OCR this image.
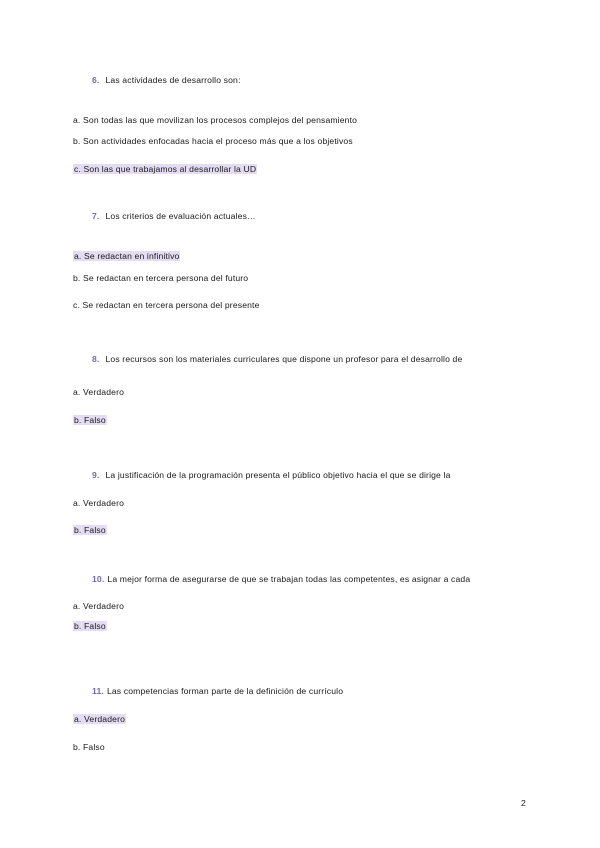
6. Las actividades de desarrollo son:
a. Son todas las que movilizan los procesos complejos del pensamiento
b. Son actividades enfocadas hacia el proceso más que a los objetivos
c. Son las que trabajamos al desarrollar la UD
7. Los criterios de evaluación actuales…
a. Se redactan en infinitivo
b. Se redactan en tercera persona del futuro
c. Se redactan en tercera persona del presente
8. Los recursos son los materiales curriculares que dispone un profesor para el desarrollo de
a. Verdadero
b. Falso
9. La justificación de la programación presenta el público objetivo hacia el que se dirige la
a. Verdadero
b. Falso
10. La mejor forma de asegurarse de que se trabajan todas las competentes, es asignar a cada
a. Verdadero
b. Falso
11. Las competencias forman parte de la definición de currículo
a. Verdadero
b. Falso
2
